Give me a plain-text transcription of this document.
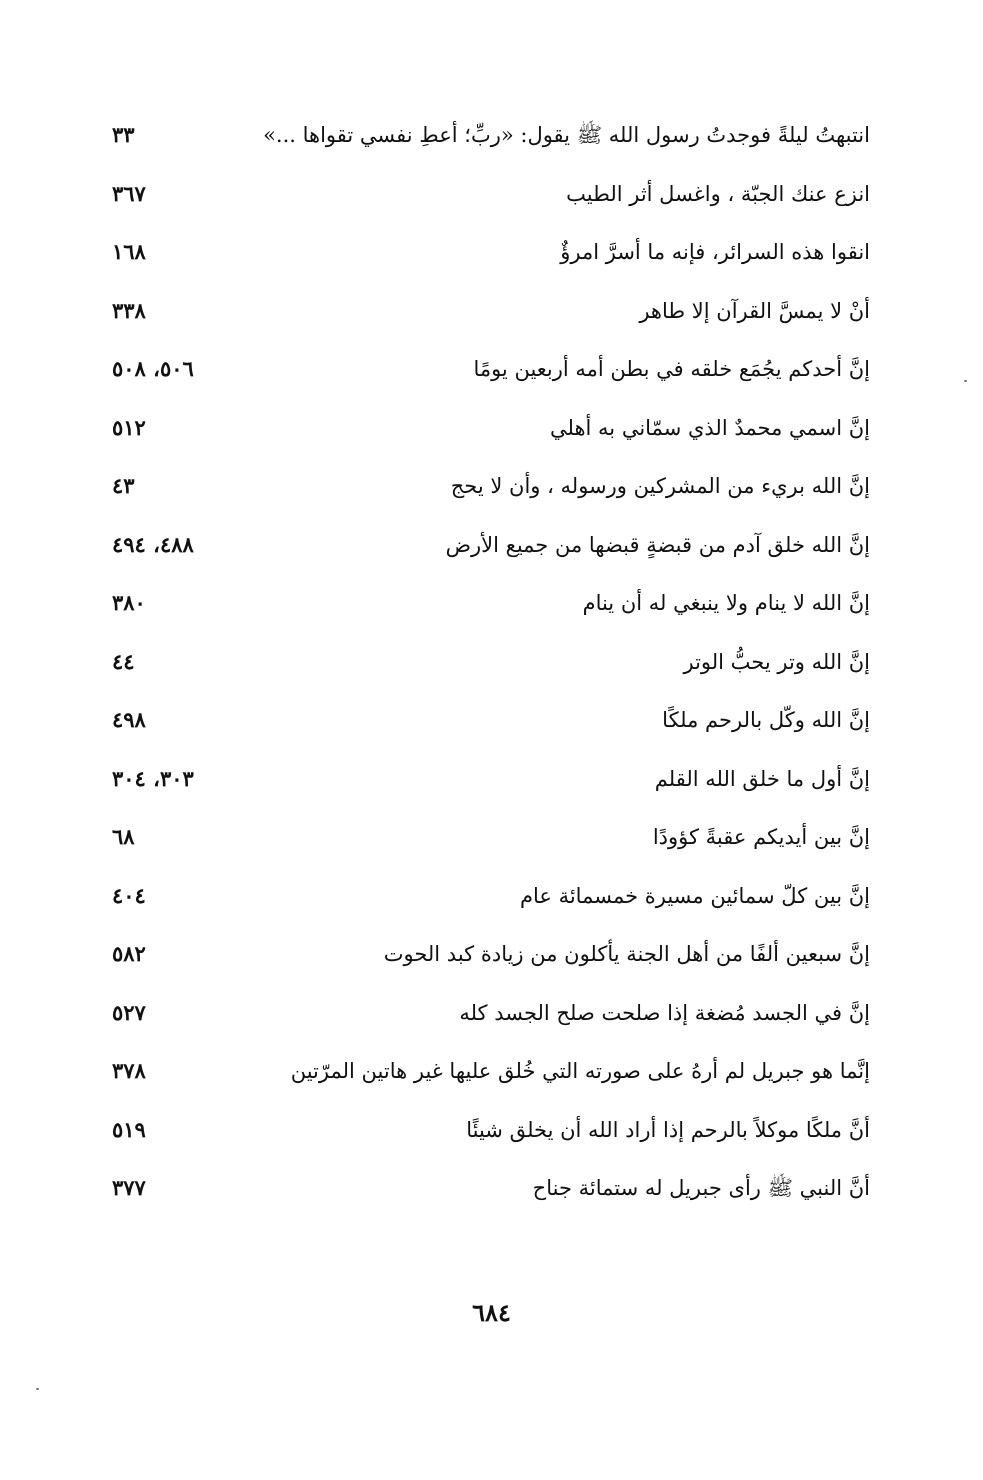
انتبهتُ ليلةً فوجدتُ رسول الله ﷺ يقول: «ربِّ؛ أعطِ نفسي تقواها ...»
٣٣
انزع عنك الجبّة ، واغسل أثر الطيب
٣٦٧
انقوا هذه السرائر، فإنه ما أسرَّ امرؤٌ
١٦٨
أنْ لا يمسَّ القرآن إلا طاهر
٣٣٨
إنَّ أحدكم يجُمَع خلقه في بطن أمه أربعين يومًا
٥٠٦، ٥٠٨
إنَّ اسمي محمدٌ الذي سمّاني به أهلي
٥١٢
إنَّ الله بريء من المشركين ورسوله ، وأن لا يحج
٤٣
إنَّ الله خلق آدم من قبضةٍ قبضها من جميع الأرض
٤٨٨، ٤٩٤
إنَّ الله لا ينام ولا ينبغي له أن ينام
٣٨٠
إنَّ الله وتر يحبُّ الوتر
٤٤
إنَّ الله وكّل بالرحم ملكًا
٤٩٨
إنَّ أول ما خلق الله القلم
٣٠٣، ٣٠٤
إنَّ بين أيديكم عقبةً كؤودًا
٦٨
إنَّ بين كلّ سمائين مسيرة خمسمائة عام
٤٠٤
إنَّ سبعين ألفًا من أهل الجنة يأكلون من زيادة كبد الحوت
٥٨٢
إنَّ في الجسد مُضغة إذا صلحت صلح الجسد كله
٥٢٧
إنَّما هو جبريل لم أرهُ على صورته التي خُلق عليها غير هاتين المرّتين
٣٧٨
أنَّ ملكًا موكلاً بالرحم إذا أراد الله أن يخلق شيئًا
٥١٩
أنَّ النبي ﷺ رأى جبريل له ستمائة جناح
٣٧٧
٦٨٤
